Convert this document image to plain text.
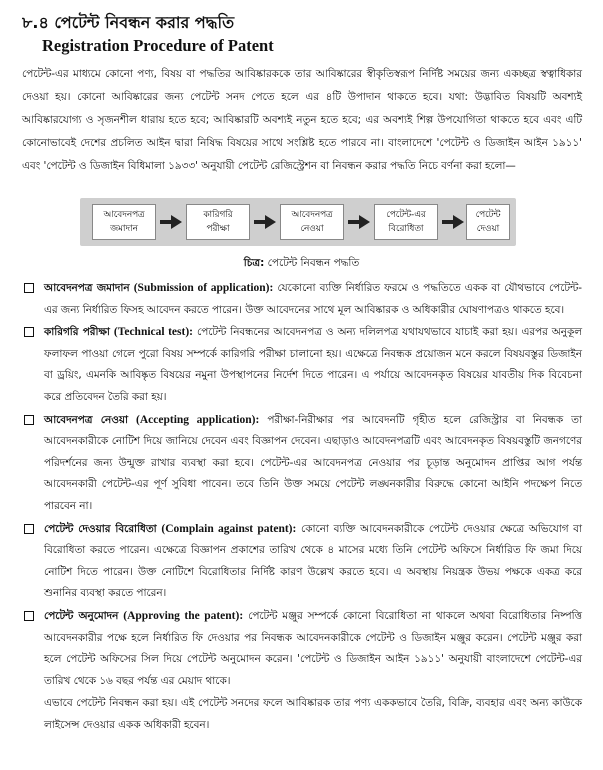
৮.৪ পেটেন্ট নিবন্ধন করার পদ্ধতি
Registration Procedure of Patent

পেটেন্ট-এর মাধ্যমে কোনো পণ্য, বিষয় বা পদ্ধতির আবিষ্কারককে তার আবিষ্কারের স্বীকৃতিস্বরূপ নির্দিষ্ট সময়ের জন্য একচ্ছত্র স্বত্বাধিকার দেওয়া হয়। কোনো আবিষ্কারের জন্য পেটেন্ট সনদ পেতে হলে এর ৪টি উপাদান থাকতে হবে। যথা: উদ্ভাবিত বিষয়টি অবশ্যই আবিষ্কারযোগ্য ও সৃজনশীল ধারায় হতে হবে; আবিষ্কারটি অবশ্যই নতুন হতে হবে; এর অবশ্যই শিল্প উপযোগিতা থাকতে হবে এবং এটি কোনোভাবেই দেশের প্রচলিত আইন দ্বারা নিষিদ্ধ বিষয়ের সাথে সংশ্লিষ্ট হতে পারবে না। বাংলাদেশে 'পেটেন্ট ও ডিজাইন আইন ১৯১১' এবং 'পেটেন্ট ও ডিজাইন বিধিমালা ১৯৩৩' অনুযায়ী পেটেন্ট রেজিস্ট্রেশন বা নিবন্ধন করার পদ্ধতি নিচে বর্ণনা করা হলো—

আবেদনপত্র
জমাদান
কারিগরি
পরীক্ষা
আবেদনপত্র
নেওয়া
পেটেন্ট-এর
বিরোধিতা
পেটেন্ট
দেওয়া
চিত্র: পেটেন্ট নিবন্ধন পদ্ধতি
আবেদনপত্র জমাদান (Submission of application): যেকোনো ব্যক্তি নির্ধারিত ফরমে ও পদ্ধতিতে একক বা যৌথভাবে পেটেন্ট-এর জন্য নির্ধারিত ফিসহ আবেদন করতে পারেন। উক্ত আবেদনের সাথে মূল আবিষ্কারক ও অধিকারীর ঘোষণাপত্রও থাকতে হবে।
কারিগরি পরীক্ষা (Technical test): পেটেন্ট নিবন্ধনের আবেদনপত্র ও অন্য দলিলপত্র যথাযথভাবে যাচাই করা হয়। এরপর অনুকূল ফলাফল পাওয়া গেলে পুরো বিষয় সম্পর্কে কারিগরি পরীক্ষা চালানো হয়। এক্ষেত্রে নিবন্ধক প্রয়োজন মনে করলে বিষয়বস্তুর ডিজাইন বা ড্রয়িং, এমনকি আবিষ্কৃত বিষয়ের নমুনা উপস্থাপনের নির্দেশ দিতে পারেন। এ পর্যায়ে আবেদনকৃত বিষয়ের যাবতীয় দিক বিবেচনা করে প্রতিবেদন তৈরি করা হয়।
আবেদনপত্র নেওয়া (Accepting application): পরীক্ষা-নিরীক্ষার পর আবেদনটি গৃহীত হলে রেজিস্ট্রার বা নিবন্ধক তা আবেদনকারীকে নোটিশ দিয়ে জানিয়ে দেবেন এবং বিজ্ঞাপন দেবেন। এছাড়াও আবেদনপত্রটি এবং আবেদনকৃত বিষয়বস্তুটি জনগণের পরিদর্শনের জন্য উন্মুক্ত রাখার ব্যবস্থা করা হবে। পেটেন্ট-এর আবেদনপত্র নেওয়ার পর চূড়ান্ত অনুমোদন প্রাপ্তির আগ পর্যন্ত আবেদনকারী পেটেন্ট-এর পূর্ণ সুবিধা পাবেন। তবে তিনি উক্ত সময়ে পেটেন্ট লঙ্ঘনকারীর বিরুদ্ধে কোনো আইনি পদক্ষেপ নিতে পারবেন না।
পেটেন্ট দেওয়ার বিরোধিতা (Complain against patent): কোনো ব্যক্তি আবেদনকারীকে পেটেন্ট দেওয়ার ক্ষেত্রে অভিযোগ বা বিরোধিতা করতে পারেন। এক্ষেত্রে বিজ্ঞাপন প্রকাশের তারিখ থেকে ৪ মাসের মধ্যে তিনি পেটেন্ট অফিসে নির্ধারিত ফি জমা দিয়ে নোটিশ দিতে পারেন। উক্ত নোটিশে বিরোধিতার নির্দিষ্ট কারণ উল্লেখ করতে হবে। এ অবস্থায় নিয়ন্ত্রক উভয় পক্ষকে একত্র করে শুনানির ব্যবস্থা করতে পারেন।
পেটেন্ট অনুমোদন (Approving the patent): পেটেন্ট মঞ্জুর সম্পর্কে কোনো বিরোধিতা না থাকলে অথবা বিরোধিতার নিষ্পত্তি আবেদনকারীর পক্ষে হলে নির্ধারিত ফি দেওয়ার পর নিবন্ধক আবেদনকারীকে পেটেন্ট ও ডিজাইন মঞ্জুর করেন। পেটেন্ট মঞ্জুর করা হলে পেটেন্ট অফিসের সিল দিয়ে পেটেন্ট অনুমোদন করেন। 'পেটেন্ট ও ডিজাইন আইন ১৯১১' অনুযায়ী বাংলাদেশে পেটেন্ট-এর তারিখ থেকে ১৬ বছর পর্যন্ত এর মেয়াদ থাকে।
এভাবে পেটেন্ট নিবন্ধন করা হয়। এই পেটেন্ট সনদের ফলে আবিষ্কারক তার পণ্য এককভাবে তৈরি, বিক্রি, ব্যবহার এবং অন্য কাউকে লাইসেন্স দেওয়ার একক অধিকারী হবেন।
